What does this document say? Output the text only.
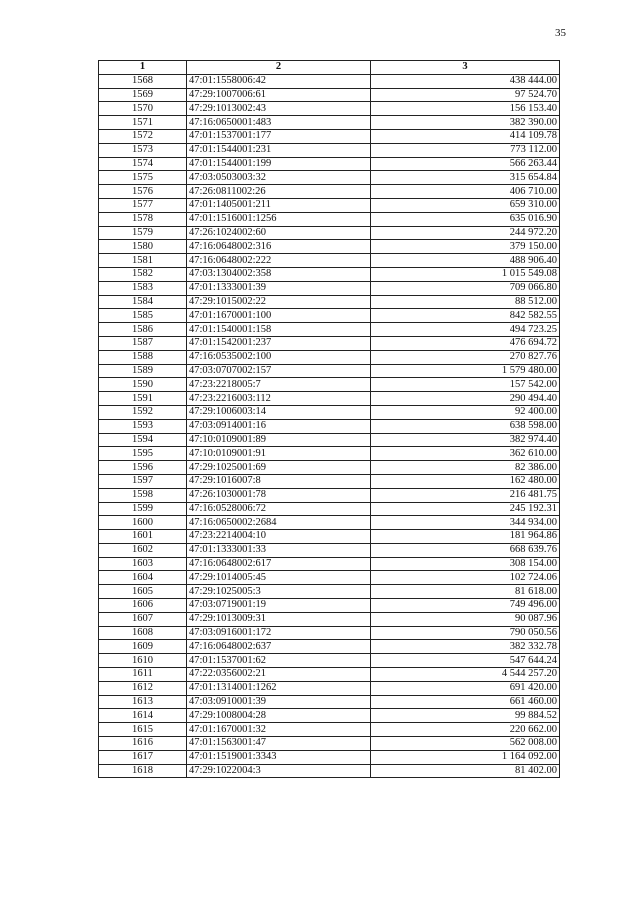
35
1	2	3
1568	47:01:1558006:42	438 444.00
1569	47:29:1007006:61	97 524.70
1570	47:29:1013002:43	156 153.40
1571	47:16:0650001:483	382 390.00
1572	47:01:1537001:177	414 109.78
1573	47:01:1544001:231	773 112.00
1574	47:01:1544001:199	566 263.44
1575	47:03:0503003:32	315 654.84
1576	47:26:0811002:26	406 710.00
1577	47:01:1405001:211	659 310.00
1578	47:01:1516001:1256	635 016.90
1579	47:26:1024002:60	244 972.20
1580	47:16:0648002:316	379 150.00
1581	47:16:0648002:222	488 906.40
1582	47:03:1304002:358	1 015 549.08
1583	47:01:1333001:39	709 066.80
1584	47:29:1015002:22	88 512.00
1585	47:01:1670001:100	842 582.55
1586	47:01:1540001:158	494 723.25
1587	47:01:1542001:237	476 694.72
1588	47:16:0535002:100	270 827.76
1589	47:03:0707002:157	1 579 480.00
1590	47:23:2218005:7	157 542.00
1591	47:23:2216003:112	290 494.40
1592	47:29:1006003:14	92 400.00
1593	47:03:0914001:16	638 598.00
1594	47:10:0109001:89	382 974.40
1595	47:10:0109001:91	362 610.00
1596	47:29:1025001:69	82 386.00
1597	47:29:1016007:8	162 480.00
1598	47:26:1030001:78	216 481.75
1599	47:16:0528006:72	245 192.31
1600	47:16:0650002:2684	344 934.00
1601	47:23:2214004:10	181 964.86
1602	47:01:1333001:33	668 639.76
1603	47:16:0648002:617	308 154.00
1604	47:29:1014005:45	102 724.06
1605	47:29:1025005:3	81 618.00
1606	47:03:0719001:19	749 496.00
1607	47:29:1013009:31	90 087.96
1608	47:03:0916001:172	790 050.56
1609	47:16:0648002:637	382 332.78
1610	47:01:1537001:62	547 644.24
1611	47:22:0356002:21	4 544 257.20
1612	47:01:1314001:1262	691 420.00
1613	47:03:0910001:39	661 460.00
1614	47:29:1008004:28	99 884.52
1615	47:01:1670001:32	220 662.00
1616	47:01:1563001:47	562 008.00
1617	47:01:1519001:3343	1 164 092.00
1618	47:29:1022004:3	81 402.00
